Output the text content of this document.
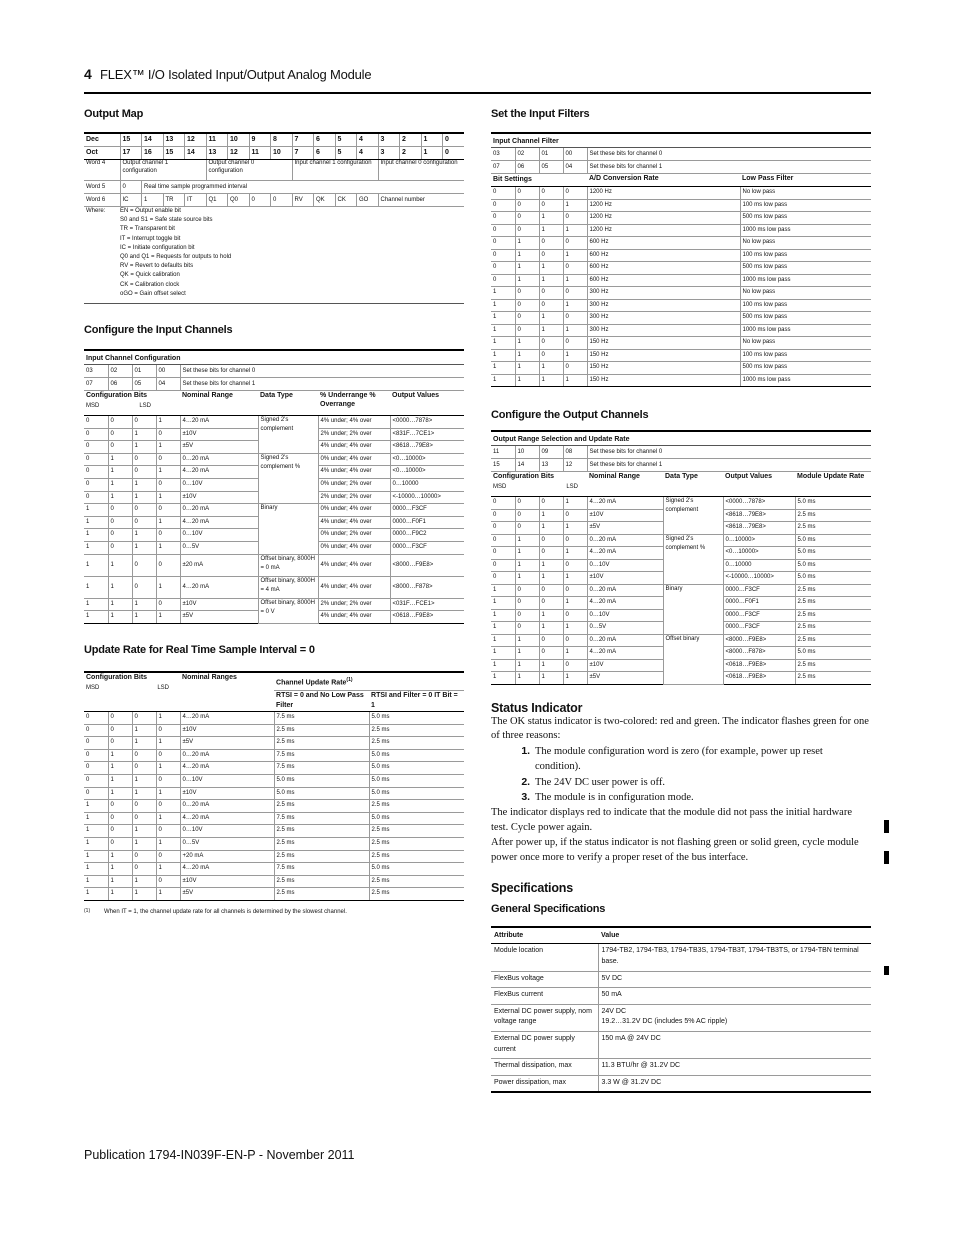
4 FLEX™ I/O Isolated Input/Output Analog Module
Output Map
Dec	15	14	13	12	11	10	9	8	7	6	5	4	3	2	1	0
Oct	17	16	15	14	13	12	11	10	7	6	5	4	3	2	1	0
Word 4	Output channel 1 configuration				Output channel 0 configuration				Input channel 1 configuration				Input channel 0 configuration			
Word 5	0	Real time sample programmed interval														
Word 6	IC	1	TR	IT	Q1	Q0	0	0	RV	QK	CK	GO	Channel number			
Where: EN = Output enable bit
S0 and S1 = Safe state source bits
TR = Transparent bit
IT = Interrupt toggle bit
IC = Initiate configuration bit
Q0 and Q1 = Requests for outputs to hold
RV = Revert to defaults bits
QK = Quick calibration
CK = Calibration clock
oGO = Gain offset select
Configure the Input Channels
Input Channel Configuration							
03	02	01	00	Set these bits for channel 0			
07	06	05	04	Set these bits for channel 1			

Configuration Bits
MSD LSD				Nominal Range	Data Type	% Underrange % Overrange	Output Values
0	0	0	1	4…20 mA	Signed 2's complement	4% under; 4% over	<0000…7878>
0	0	1	0	±10V		2% under; 2% over	<831F…7CE1>
0	0	1	1	±5V		4% under; 4% over	<8618…79E8>
0	1	0	0	0…20 mA	Signed 2's complement %	0% under; 4% over	<0…10000>
0	1	0	1	4…20 mA		4% under; 4% over	<0…10000>
0	1	1	0	0…10V		0% under; 2% over	0…10000
0	1	1	1	±10V		2% under; 2% over	<-10000…10000>
1	0	0	0	0…20 mA	Binary	0% under; 4% over	0000…F3CF
1	0	0	1	4…20 mA		4% under; 4% over	0000…F0F1
1	0	1	0	0…10V		0% under; 2% over	0000…F9C2
1	0	1	1	0…5V		0% under; 4% over	0000…F3CF
1	1	0	0	±20 mA	Offset binary, 8000H = 0 mA	4% under; 4% over	<8000…F9E8>
1	1	0	1	4…20 mA	Offset binary, 8000H = 4 mA	4% under; 4% over	<8000…F878>
1	1	1	0	±10V	Offset binary, 8000H = 0 V	2% under; 2% over	<031F…FCE1>
1	1	1	1	±5V		4% under; 4% over	<0618…F9E8>
Update Rate for Real Time Sample Interval = 0
Configuration Bits
MSD LSD				Nominal Ranges	Channel Update Rate$^{(1)}$
					RTSI = 0 and No Low Pass Filter	RTSI and Filter = 0 IT Bit = 1
0	0	0	1	4…20 mA	7.5 ms	5.0 ms
0	0	1	0	±10V	2.5 ms	2.5 ms
0	0	1	1	±5V	2.5 ms	2.5 ms
0	1	0	0	0…20 mA	7.5 ms	5.0 ms
0	1	0	1	4…20 mA	7.5 ms	5.0 ms
0	1	1	0	0…10V	5.0 ms	5.0 ms
0	1	1	1	±10V	5.0 ms	5.0 ms
1	0	0	0	0…20 mA	2.5 ms	2.5 ms
1	0	0	1	4…20 mA	7.5 ms	5.0 ms
1	0	1	0	0…10V	2.5 ms	2.5 ms
1	0	1	1	0…5V	2.5 ms	2.5 ms
1	1	0	0	+20 mA	2.5 ms	2.5 ms
1	1	0	1	4…20 mA	7.5 ms	5.0 ms
1	1	1	0	±10V	2.5 ms	2.5 ms
1	1	1	1	±5V	2.5 ms	2.5 ms
(1) When IT = 1, the channel update rate for all channels is determined by the slowest channel.
Set the Input Filters
Input Channel Filter					
03	02	01	00	Set these bits for channel 0	
07	06	05	04	Set these bits for channel 1	
Bit Settings				A/D Conversion Rate	Low Pass Filter
0	0	0	0	1200 Hz	No low pass
0	0	0	1	1200 Hz	100 ms low pass
0	0	1	0	1200 Hz	500 ms low pass
0	0	1	1	1200 Hz	1000 ms low pass
0	1	0	0	600 Hz	No low pass
0	1	0	1	600 Hz	100 ms low pass
0	1	1	0	600 Hz	500 ms low pass
0	1	1	1	600 Hz	1000 ms low pass
1	0	0	0	300 Hz	No low pass
1	0	0	1	300 Hz	100 ms low pass
1	0	1	0	300 Hz	500 ms low pass
1	0	1	1	300 Hz	1000 ms low pass
1	1	0	0	150 Hz	No low pass
1	1	0	1	150 Hz	100 ms low pass
1	1	1	0	150 Hz	500 ms low pass
1	1	1	1	150 Hz	1000 ms low pass
Configure the Output Channels
Output Range Selection and Update Rate							
11	10	09	08	Set these bits for channel 0			
15	14	13	12	Set these bits for channel 1			

Configuration Bits
MSD LSD				Nominal Range	Data Type	Output Values	Module Update Rate
0	0	0	1	4…20 mA	Signed 2's complement	<0000…7878>	5.0 ms
0	0	1	0	±10V		<8618…79E8>	2.5 ms
0	0	1	1	±5V		<8618…79E8>	2.5 ms
0	1	0	0	0…20 mA	Signed 2's complement %	0…10000>	5.0 ms
0	1	0	1	4…20 mA		<0…10000>	5.0 ms
0	1	1	0	0…10V		0…10000	5.0 ms
0	1	1	1	±10V		<-10000…10000>	5.0 ms
1	0	0	0	0…20 mA	Binary	0000…F3CF	2.5 ms
1	0	0	1	4…20 mA		0000…F0F1	2.5 ms
1	0	1	0	0…10V		0000…F3CF	2.5 ms
1	0	1	1	0…5V		0000…F3CF	2.5 ms
1	1	0	0	0…20 mA	Offset binary	<8000…F9E8>	2.5 ms
1	1	0	1	4…20 mA		<8000…F878>	5.0 ms
1	1	1	0	±10V		<0618…F9E8>	2.5 ms
1	1	1	1	±5V		<0618…F9E8>	2.5 ms
Status Indicator
The OK status indicator is two-colored: red and green. The indicator flashes green for one of three reasons:
1. The module configuration word is zero (for example, power up reset condition).
2. The 24V DC user power is off.
3. The module is in configuration mode.
The indicator displays red to indicate that the module did not pass the initial hardware test. Cycle power again.
After power up, if the status indicator is not flashing green or solid green, cycle module power once more to verify a proper reset of the bus interface.
Specifications
General Specifications
Attribute	Value
Module location	1794-TB2, 1794-TB3, 1794-TB3S, 1794-TB3T, 1794-TB3TS, or 1794-TBN terminal base.
FlexBus voltage	5V DC
FlexBus current	50 mA
External DC power supply, nom voltage range	24V DC
19.2…31.2V DC (includes 5% AC ripple)
External DC power supply current	150 mA @ 24V DC
Thermal dissipation, max	11.3 BTU/hr @ 31.2V DC
Power dissipation, max	3.3 W @ 31.2V DC
Publication 1794-IN039F-EN-P - November 2011
